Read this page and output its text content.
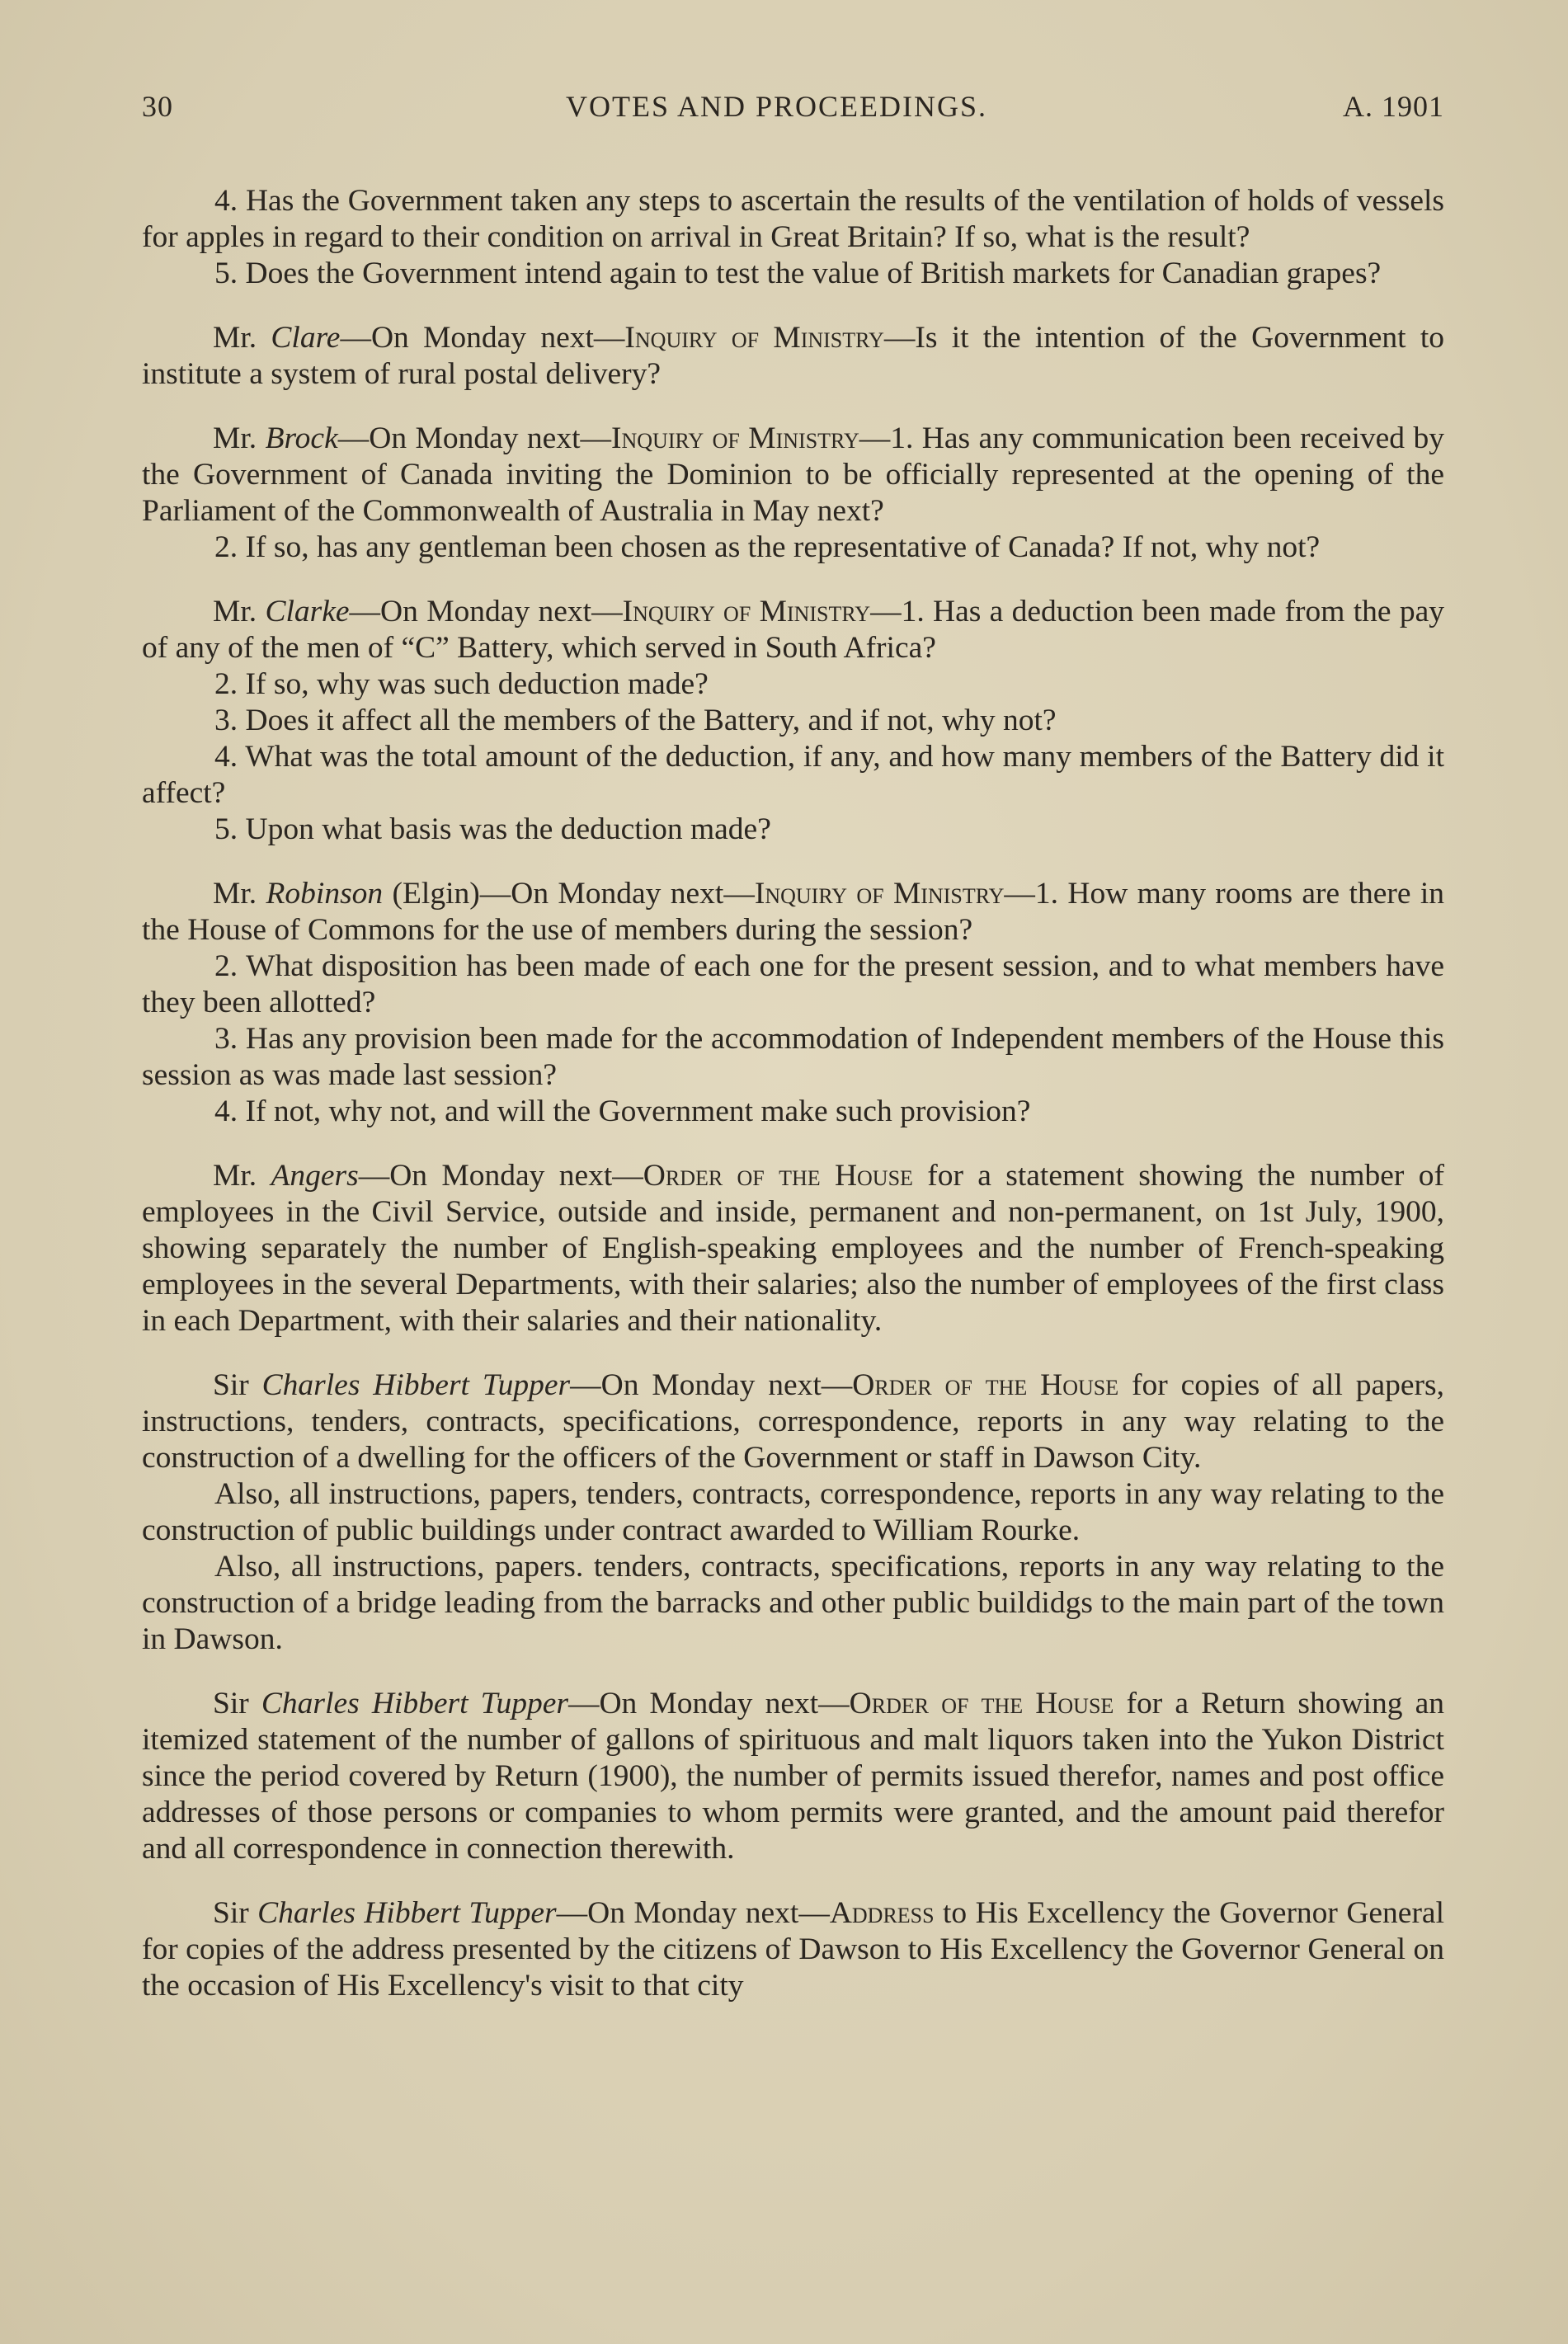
30	VOTES AND PROCEEDINGS.	A. 1901

4. Has the Government taken any steps to ascertain the results of the ventilation of holds of vessels for apples in regard to their condition on arrival in Great Britain? If so, what is the result?

5. Does the Government intend again to test the value of British markets for Canadian grapes?

Mr. Clare—On Monday next—Inquiry of Ministry—Is it the intention of the Government to institute a system of rural postal delivery?

Mr. Brock—On Monday next—Inquiry of Ministry—1. Has any communication been received by the Government of Canada inviting the Dominion to be officially represented at the opening of the Parliament of the Commonwealth of Australia in May next?

2. If so, has any gentleman been chosen as the representative of Canada? If not, why not?

Mr. Clarke—On Monday next—Inquiry of Ministry—1. Has a deduction been made from the pay of any of the men of “C” Battery, which served in South Africa?

2. If so, why was such deduction made?

3. Does it affect all the members of the Battery, and if not, why not?

4. What was the total amount of the deduction, if any, and how many members of the Battery did it affect?

5. Upon what basis was the deduction made?

Mr. Robinson (Elgin)—On Monday next—Inquiry of Ministry—1. How many rooms are there in the House of Commons for the use of members during the session?

2. What disposition has been made of each one for the present session, and to what members have they been allotted?

3. Has any provision been made for the accommodation of Independent members of the House this session as was made last session?

4. If not, why not, and will the Government make such provision?

Mr. Angers—On Monday next—Order of the House for a statement showing the number of employees in the Civil Service, outside and inside, permanent and non-permanent, on 1st July, 1900, showing separately the number of English-speaking employees and the number of French-speaking employees in the several Departments, with their salaries; also the number of employees of the first class in each Department, with their salaries and their nationality.

Sir Charles Hibbert Tupper—On Monday next—Order of the House for copies of all papers, instructions, tenders, contracts, specifications, correspondence, reports in any way relating to the construction of a dwelling for the officers of the Government or staff in Dawson City.

Also, all instructions, papers, tenders, contracts, correspondence, reports in any way relating to the construction of public buildings under contract awarded to William Rourke.

Also, all instructions, papers. tenders, contracts, specifications, reports in any way relating to the construction of a bridge leading from the barracks and other public buildidgs to the main part of the town in Dawson.

Sir Charles Hibbert Tupper—On Monday next—Order of the House for a Return showing an itemized statement of the number of gallons of spirituous and malt liquors taken into the Yukon District since the period covered by Return (1900), the number of permits issued therefor, names and post office addresses of those persons or companies to whom permits were granted, and the amount paid therefor and all correspondence in connection therewith.

Sir Charles Hibbert Tupper—On Monday next—Address to His Excellency the Governor General for copies of the address presented by the citizens of Dawson to His Excellency the Governor General on the occasion of His Excellency's visit to that city
